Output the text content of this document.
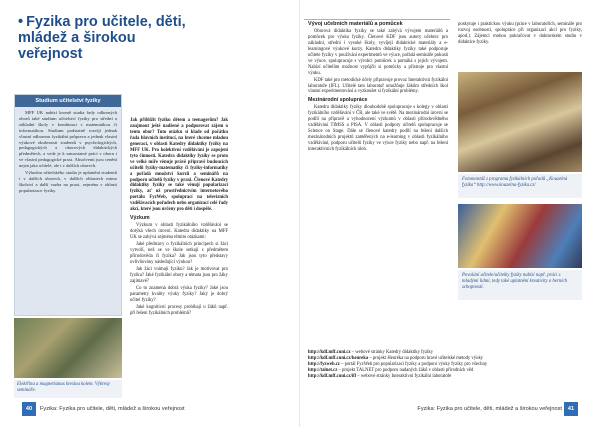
• Fyzika pro učitele, děti, mládež a širokou veřejnost
Studium učitelství fyziky

MFF UK nabízí kromě studia řady odborných oborů také studium učitelství fyziky pro střední a základní školy v kombinaci s matematikou či informatikou. Studium podstatně rozvíjí jednak vlastní odbornou fyzikální průpravu a jednak vlastní výukové zkušenosti studentů v psychologických, pedagogických a oborových didaktických předmětech, a vede je k samostatné práci v oboru i ve vlastní pedagogické praxi. Absolventi jsou cenění nejen jako učitelé, ale i v dalších oborech.

Výhodou učitelského studia je uplatnění studentů i v dalších oborech, v dalších oblastech mimo školství a další vazba na praxi, zejména v oblasti popularizace fyziky.

Elektřina a magnetismus kreslou kolem. Výkresy semináře.

Jak přiblížit fyziku dětem a teenagerům? Jak zaujmout ještě nadšené a podporovat zájem o tento obor? Tuto otázku si klade od počátku řada hlavních institucí, na které chceme mladou generaci, v oblasti Katedry didaktiky fyziky na MFF UK. Pro kolektivní vzdělávání je zapojení tyto činnosti. Katedra didaktiky fyziky se proto ve velké míře věnuje právě přípravě budoucích učitelů fyziky-matematiky či fyziky-informatiky a pořádá množství kurzů a seminářů na podporu učitelů fyziky v praxi. Členové Katedry didaktiky fyziky se také věnují popularizaci fyziky, ať už prostřednictvím internetového portálu FyzWeb, spoluprací na televizních vzdělávacích pořadech nebo organizací celé řady akcí, které jsou určeny pro děti i dospělé.

Výzkum

Výzkum v oblasti fyzikálního vzdělávání se dotýká všech úrovní. Katedra didaktiky na MFF UK se zabývá zejména těmito otázkami:

Jaké představy o fyzikálních principech si žáci vytvoří, než se ve škole setkají s předmětem přírodověda či fyzika? Jak jsou tyto představy ovlivňovány následující výukou?

Jak žáci vnímají fyziku? Jak je motivovat pro fyziku? Jaké fyzikální obory a témata jsou pro žáky zajímavé?

Co to znamená dobrá výuka fyziky? Jaké jsou parametry kvality výuky fyziky? Jaký je dobrý učitel fyziky?

Jaké kognitivní procesy probíhají u žáků např. při řešení fyzikálních problémů?

Vývoj učebních materiálů a pomůcek

Oborová didaktika fyziky se také zabývá vývojem materiálů a pomůcek pro výuku fyziky. Členové KDF jsou autory učebnic pro základní, střední i vysoké školy, vyvíjejí didaktické materiály a e-learningové výukové kurzy. Katedra didaktiky fyziky také podporuje učitele fyziky v používání experimentů ve výuce, pořádá semináře pokusů ve výuce, spolupracuje s výrobci pomůcek a pomáhá s jejich vývojem. Nabízí učitelům možnost vypůjčit si pomůcky a přístroje pro vlastní výuku.

KDF také pro metodické účely připravuje provoz Interaktivní fyzikální laboratoře (IFL). Učitelé tato laboratoř umožňuje žákům středních škol vlastní experimentování a vyzkoušet si fyzikální problémy.

Mezinárodní spolupráce

Katedra didaktiky fyziky dlouhodobě spolupracuje s kolegy v oblasti fyzikálního vzdělávání v ČR, ale také ve světě. Na mezinárodní úrovni se podílí na přípravě a vyhodnocení výzkumů v oblasti přírodovědného vzdělávání TIMSS a PISA. V oblasti podpory učitelů spolupracuje se Science on Stage. Dále se členové katedry podílí na řešení dalších mezinárodních projektů zaměřených na e-learning v oblasti fyzikálního vzdělávání, podporu učitelů fyziky ve výuce fyziky nebo např. na řešení interaktivních fyzikálních úloh.

poskytuje i praktickou výuku (práce v laboratořích, semináře pro rozvoj osobnosti, spolupráce při organizaci akcí pro fyziky, apod.). Zájemci mohou pokračovat v doktorském studiu v didaktice fyziky.

Fotomontáž z programu fyzikálních pořadů „Kouzelná fyzika“ http://www.kouzelna-fyzika.cz/
Povolání učitele/učitelky fyziky nabízí např. práci s mladými lidmi, tedy také uplatnění kreativity a herních schopností.
http://kdf.mff.cuni.cz – webové stránky Katedry didaktiky fyziky
http://kdf.mff.cuni.cz/heureka – projekt Heuréka na podporu hravé učitelské metody výuky
http://fyzweb.cz – portál FyzWeb pro popularizaci fyziky a podporu výuky fyziky pro všechny
http://talnet.cz – projekt TALNET pro podporu nadaných žáků v oblasti přírodních věd
http://kdf.mff.cuni.cz/ifl – webové stránky Interaktivní fyzikální laboratoře
40	Fyzika: Fyzika pro učitele, děti, mládež a širokou veřejnost	Fyzika: Fyzika pro učitele, děti, mládež a širokou veřejnost	41
